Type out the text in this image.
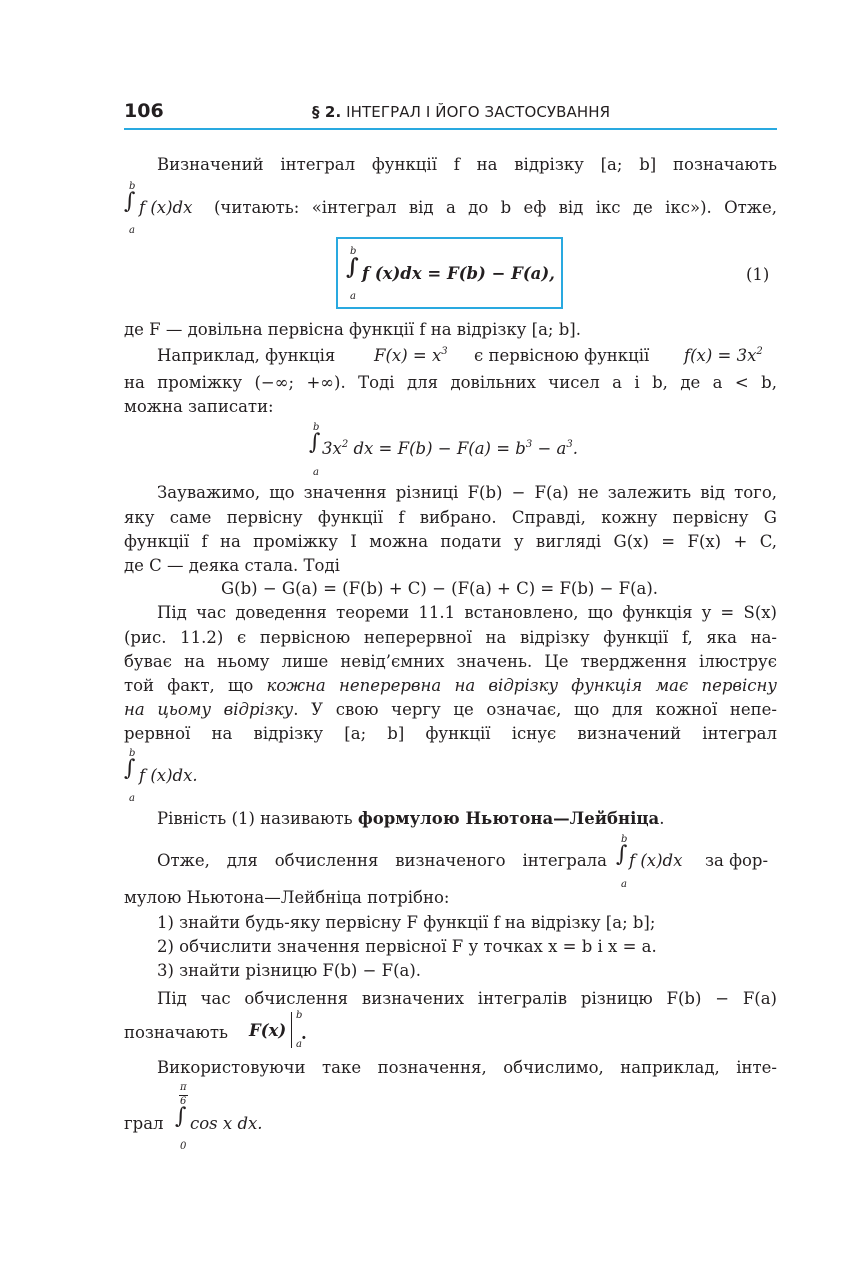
106	§ 2. ІНТЕГРАЛ І ЙОГО ЗАСТОСУВАННЯ
Визначений інтеграл функції f на відрізку [a; b] позначають
b
∫
a
f (x)dx (читають: «інтеграл від a до b еф від ікс де ікс»). Отже,
b
∫
a
f (x)dx = F(b) − F(a),	(1)
де F — довільна первісна функції f на відрізку [a; b].
Наприклад, функція $F(x) = x^3$ є первісною функції $f(x) = 3x^2$
на проміжку (−∞; +∞). Тоді для довільних чисел a і b, де a < b,
можна записати:
b
∫
a
$3x^2$ dx = $F(b) - F(a) = b^3 - a^3$.
Зауважимо, що значення різниці F(b) − F(a) не залежить від того,
яку саме первісну функції f вибрано. Справді, кожну первісну G
функції f на проміжку I можна подати у вигляді G(x) = F(x) + C,
де C — деяка стала. Тоді
G(b) − G(a) = (F(b) + C) − (F(a) + C) = F(b) − F(a).
Під час доведення теореми 11.1 встановлено, що функція y = S(x)
(рис. 11.2) є первісною неперервної на відрізку функції f, яка на-
буває на ньому лише невід’ємних значень. Це твердження ілюструє
той факт, що кожна неперервна на відрізку функція має первісну
на цьому відрізку. У свою чергу це означає, що для кожної непе-
рервної на відрізку [a; b] функції існує визначений інтеграл
b
∫
a
f (x)dx.
Рівність (1) називають формулою Ньютона—Лейбніца.
Отже, для обчислення визначеного інтеграла
b
∫
a
f (x)dx за фор-
мулою Ньютона—Лейбніца потрібно:
1) знайти будь-яку первісну F функції f на відрізку [a; b];
2) обчислити значення первісної F у точках x = b і x = a.
3) знайти різницю F(b) − F(a).
Під час обчислення визначених інтегралів різницю F(b) − F(a)
позначають F(x)
b
a
.
Використовуючи таке позначення, обчислимо, наприклад, інте-
π
6
∫
0
грал cos x dx.
